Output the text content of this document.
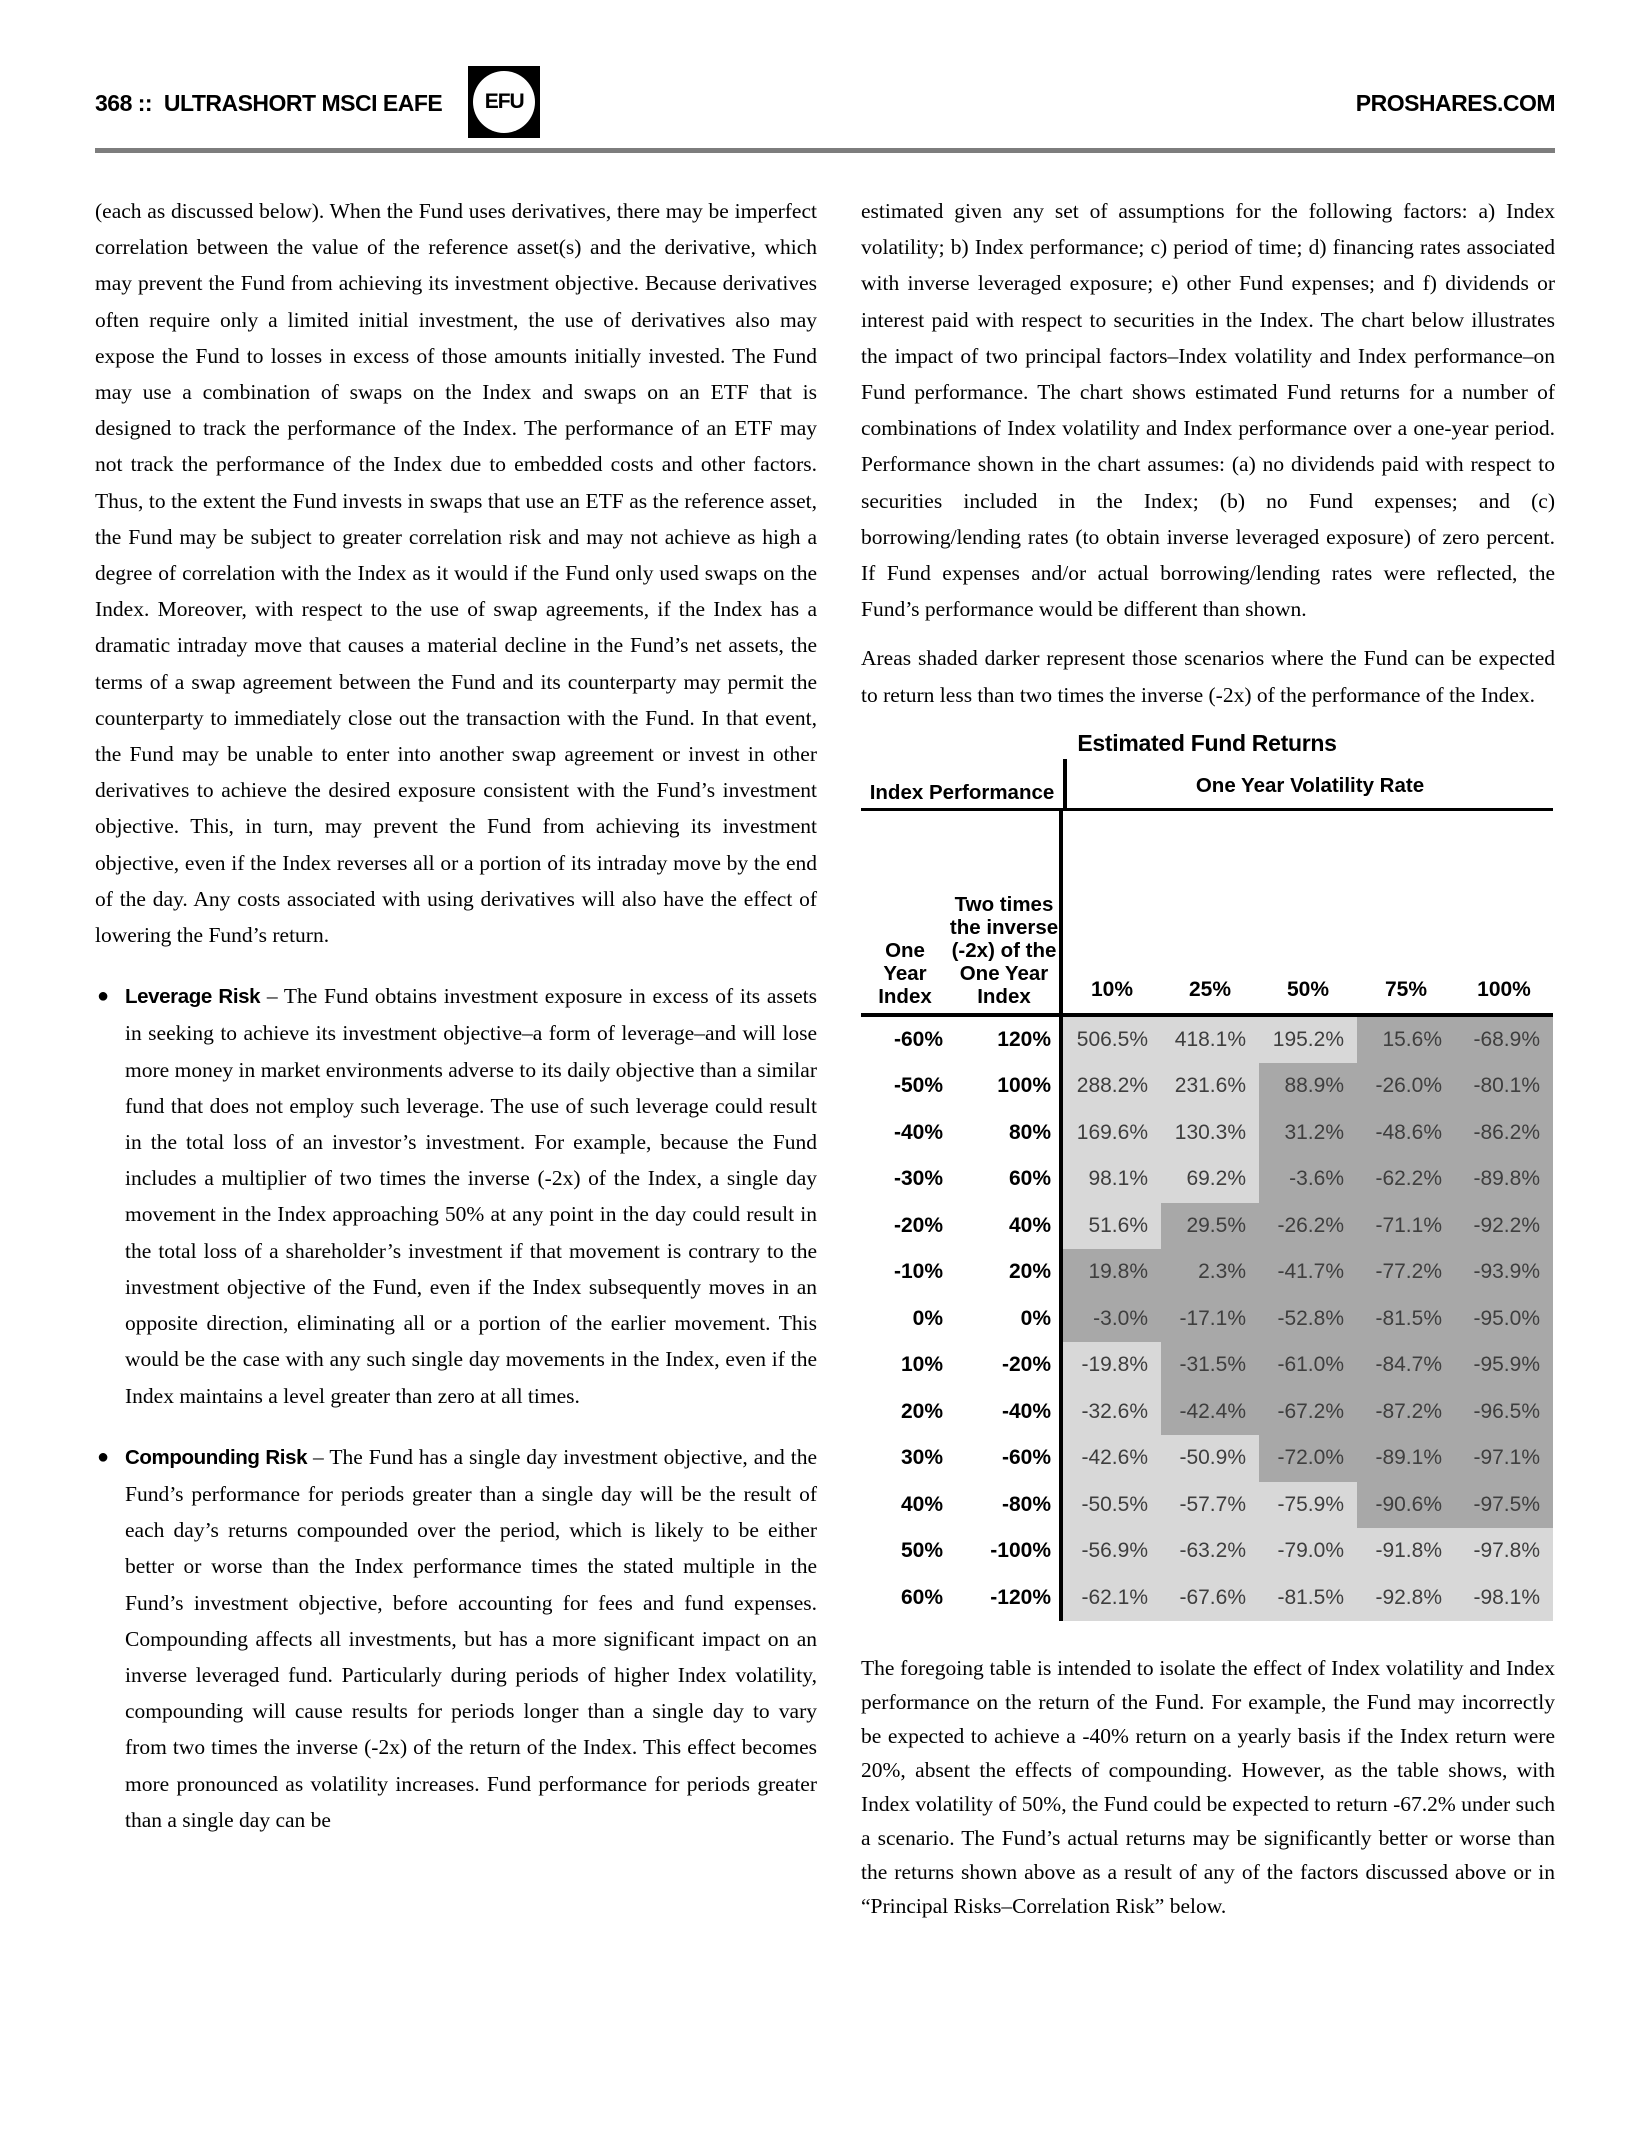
368 :: ULTRASHORT MSCI EAFE EFU	PROSHARES.COM

(each as discussed below). When the Fund uses derivatives, there may be imperfect correlation between the value of the reference asset(s) and the derivative, which may prevent the Fund from achieving its investment objective. Because derivatives often require only a limited initial investment, the use of derivatives also may expose the Fund to losses in excess of those amounts initially invested. The Fund may use a combination of swaps on the Index and swaps on an ETF that is designed to track the performance of the Index. The performance of an ETF may not track the performance of the Index due to embedded costs and other factors. Thus, to the extent the Fund invests in swaps that use an ETF as the reference asset, the Fund may be subject to greater correlation risk and may not achieve as high a degree of correlation with the Index as it would if the Fund only used swaps on the Index. Moreover, with respect to the use of swap agreements, if the Index has a dramatic intraday move that causes a material decline in the Fund’s net assets, the terms of a swap agreement between the Fund and its counterparty may permit the counterparty to immediately close out the transaction with the Fund. In that event, the Fund may be unable to enter into another swap agreement or invest in other derivatives to achieve the desired exposure consistent with the Fund’s investment objective. This, in turn, may prevent the Fund from achieving its investment objective, even if the Index reverses all or a portion of its intraday move by the end of the day. Any costs associated with using derivatives will also have the effect of lowering the Fund’s return.

● Leverage Risk – The Fund obtains investment exposure in excess of its assets in seeking to achieve its investment objective–a form of leverage–and will lose more money in market environments adverse to its daily objective than a similar fund that does not employ such leverage. The use of such leverage could result in the total loss of an investor’s investment. For example, because the Fund includes a multiplier of two times the inverse (-2x) of the Index, a single day movement in the Index approaching 50% at any point in the day could result in the total loss of a shareholder’s investment if that movement is contrary to the investment objective of the Fund, even if the Index subsequently moves in an opposite direction, eliminating all or a portion of the earlier movement. This would be the case with any such single day movements in the Index, even if the Index maintains a level greater than zero at all times.
● Compounding Risk – The Fund has a single day investment objective, and the Fund’s performance for periods greater than a single day will be the result of each day’s returns compounded over the period, which is likely to be either better or worse than the Index performance times the stated multiple in the Fund’s investment objective, before accounting for fees and fund expenses. Compounding affects all investments, but has a more significant impact on an inverse leveraged fund. Particularly during periods of higher Index volatility, compounding will cause results for periods longer than a single day to vary from two times the inverse (-2x) of the return of the Index. This effect becomes more pronounced as volatility increases. Fund performance for periods greater than a single day can be

estimated given any set of assumptions for the following factors: a) Index volatility; b) Index performance; c) period of time; d) financing rates associated with inverse leveraged exposure; e) other Fund expenses; and f) dividends or interest paid with respect to securities in the Index. The chart below illustrates the impact of two principal factors–Index volatility and Index performance–on Fund performance. The chart shows estimated Fund returns for a number of combinations of Index volatility and Index performance over a one-year period. Performance shown in the chart assumes: (a) no dividends paid with respect to securities included in the Index; (b) no Fund expenses; and (c) borrowing/lending rates (to obtain inverse leveraged exposure) of zero percent. If Fund expenses and/or actual borrowing/lending rates were reflected, the Fund’s performance would be different than shown.

Areas shaded darker represent those scenarios where the Fund can be expected to return less than two times the inverse (-2x) of the performance of the Index.

Estimated Fund Returns
Index Performance	One Year Volatility Rate
One Year Index
Two times the inverse (-2x) of the One Year Index	10%	25%	50%	75%	100%
-60%	120%	506.5%	418.1%	195.2%	15.6%	-68.9%
-50%	100%	288.2%	231.6%	88.9%	-26.0%	-80.1%
-40%	80%	169.6%	130.3%	31.2%	-48.6%	-86.2%
-30%	60%	98.1%	69.2%	-3.6%	-62.2%	-89.8%
-20%	40%	51.6%	29.5%	-26.2%	-71.1%	-92.2%
-10%	20%	19.8%	2.3%	-41.7%	-77.2%	-93.9%
0%	0%	-3.0%	-17.1%	-52.8%	-81.5%	-95.0%
10%	-20%	-19.8%	-31.5%	-61.0%	-84.7%	-95.9%
20%	-40%	-32.6%	-42.4%	-67.2%	-87.2%	-96.5%
30%	-60%	-42.6%	-50.9%	-72.0%	-89.1%	-97.1%
40%	-80%	-50.5%	-57.7%	-75.9%	-90.6%	-97.5%
50%	-100%	-56.9%	-63.2%	-79.0%	-91.8%	-97.8%
60%	-120%	-62.1%	-67.6%	-81.5%	-92.8%	-98.1%

The foregoing table is intended to isolate the effect of Index volatility and Index performance on the return of the Fund. For example, the Fund may incorrectly be expected to achieve a -40% return on a yearly basis if the Index return were 20%, absent the effects of compounding. However, as the table shows, with Index volatility of 50%, the Fund could be expected to return -67.2% under such a scenario. The Fund’s actual returns may be significantly better or worse than the returns shown above as a result of any of the factors discussed above or in “Principal Risks–Correlation Risk” below.
